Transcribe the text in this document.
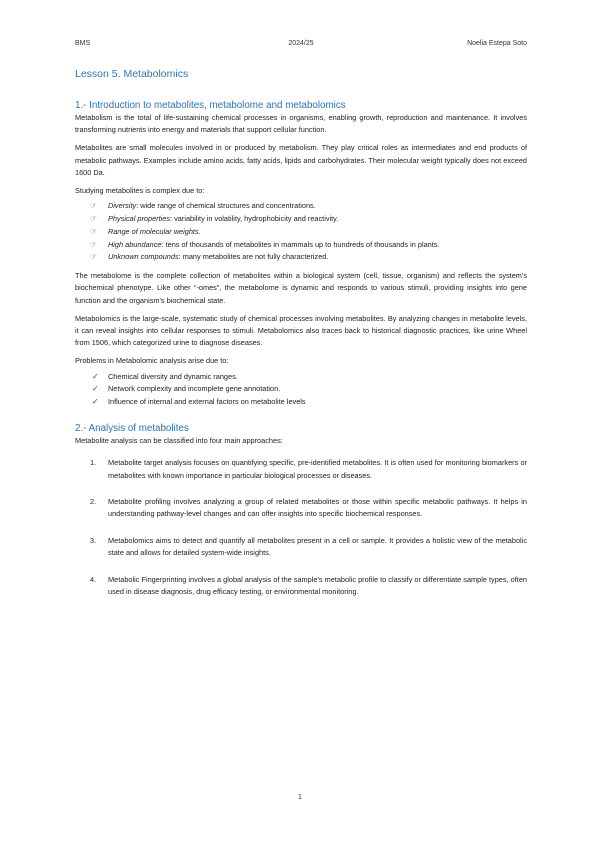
BMS	2024/25	Noelia Estepa Soto
Lesson 5. Metabolomics
1.- Introduction to metabolites, metabolome and metabolomics

Metabolism is the total of life-sustaining chemical processes in organisms, enabling growth, reproduction and maintenance. It involves transforming nutrients into energy and materials that support cellular function.

Metabolites are small molecules involved in or produced by metabolism. They play critical roles as intermediates and end products of metabolic pathways. Examples include amino acids, fatty acids, lipids and carbohydrates. Their molecular weight typically does not exceed 1600 Da.

Studying metabolites is complex due to:

☞ Diversity: wide range of chemical structures and concentrations.
☞ Physical properties: variability in volatility, hydrophobicity and reactivity.
☞ Range of molecular weights.
☞ High abundance: tens of thousands of metabolites in mammals up to hundreds of thousands in plants.
☞ Unknown compounds: many metabolites are not fully characterized.

The metabolome is the complete collection of metabolites within a biological system (cell, tissue, organism) and reflects the system's biochemical phenotype. Like other “-omes”, the metabolome is dynamic and responds to various stimuli, providing insights into gene function and the organism's biochemical state.

Metabolomics is the large-scale, systematic study of chemical processes involving metabolites. By analyzing changes in metabolite levels, it can reveal insights into cellular responses to stimuli. Metabolomics also traces back to historical diagnostic practices, like urine Wheel from 1506, which categorized urine to diagnose diseases.

Problems in Metabolomic analysis arise due to:

✓ Chemical diversity and dynamic ranges.
✓ Network complexity and incomplete gene annotation.
✓ Influence of internal and external factors on metabolite levels
2.- Analysis of metabolites

Metabolite analysis can be classified into four main approaches:

1. Metabolite target analysis focuses on quantifying specific, pre-identified metabolites. It is often used for monitoring biomarkers or metabolites with known importance in particular biological processes or diseases.
2. Metabolite profiling involves analyzing a group of related metabolites or those within specific metabolic pathways. It helps in understanding pathway-level changes and can offer insights into specific biochemical responses.
3. Metabolomics aims to detect and quantify all metabolites present in a cell or sample. It provides a holistic view of the metabolic state and allows for detailed system-wide insights.
4. Metabolic Fingerprinting involves a global analysis of the sample's metabolic profile to classify or differentiate sample types, often used in disease diagnosis, drug efficacy testing, or environmental monitoring.
1
